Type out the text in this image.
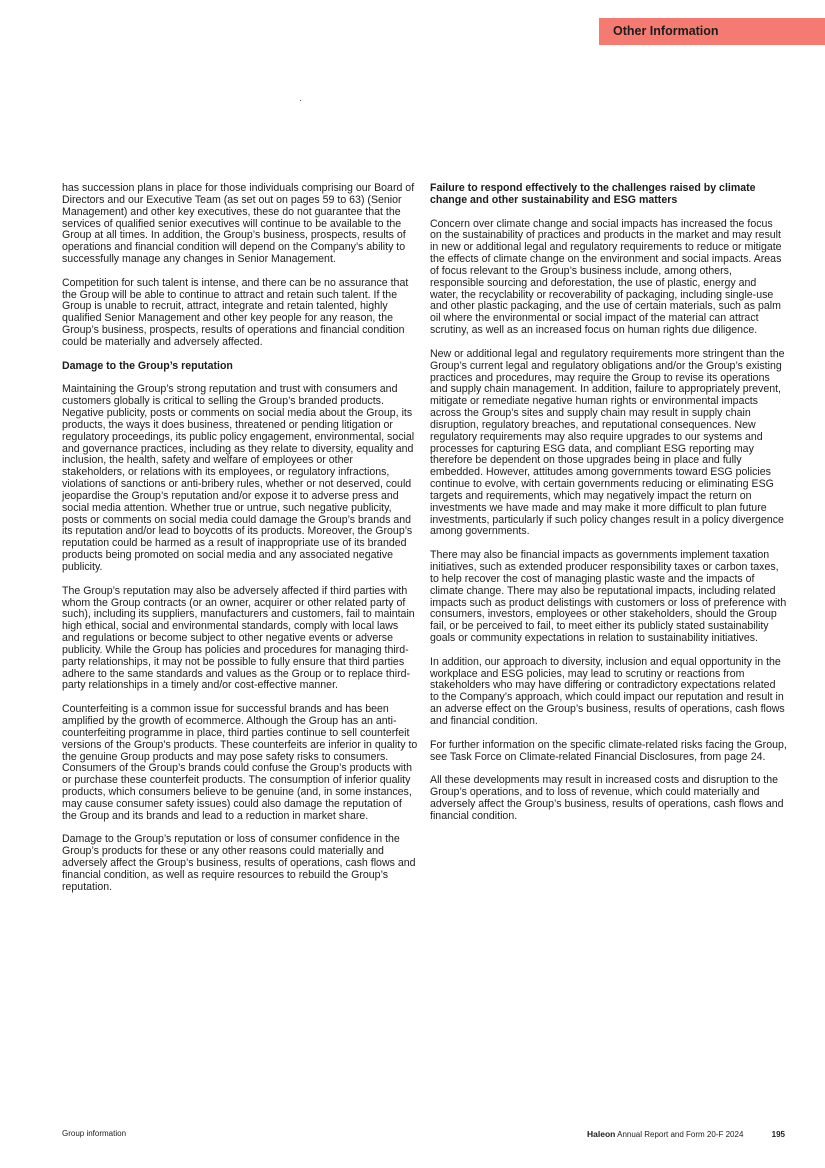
Other Information

has succession plans in place for those individuals comprising our Board of Directors and our Executive Team (as set out on pages 59 to 63) (Senior Management) and other key executives, these do not guarantee that the services of qualified senior executives will continue to be available to the Group at all times. In addition, the Group’s business, prospects, results of operations and financial condition will depend on the Company’s ability to successfully manage any changes in Senior Management.

Competition for such talent is intense, and there can be no assurance that the Group will be able to continue to attract and retain such talent. If the Group is unable to recruit, attract, integrate and retain talented, highly qualified Senior Management and other key people for any reason, the Group’s business, prospects, results of operations and financial condition could be materially and adversely affected.

Damage to the Group’s reputation

Maintaining the Group’s strong reputation and trust with consumers and customers globally is critical to selling the Group’s branded products. Negative publicity, posts or comments on social media about the Group, its products, the ways it does business, threatened or pending litigation or regulatory proceedings, its public policy engagement, environmental, social and governance practices, including as they relate to diversity, equality and inclusion, the health, safety and welfare of employees or other stakeholders, or relations with its employees, or regulatory infractions, violations of sanctions or anti-bribery rules, whether or not deserved, could jeopardise the Group’s reputation and/or expose it to adverse press and social media attention. Whether true or untrue, such negative publicity, posts or comments on social media could damage the Group’s brands and its reputation and/or lead to boycotts of its products. Moreover, the Group’s reputation could be harmed as a result of inappropriate use of its branded products being promoted on social media and any associated negative publicity.

The Group’s reputation may also be adversely affected if third parties with whom the Group contracts (or an owner, acquirer or other related party of such), including its suppliers, manufacturers and customers, fail to maintain high ethical, social and environmental standards, comply with local laws and regulations or become subject to other negative events or adverse publicity. While the Group has policies and procedures for managing third-party relationships, it may not be possible to fully ensure that third parties adhere to the same standards and values as the Group or to replace third-party relationships in a timely and/or cost-effective manner.

Counterfeiting is a common issue for successful brands and has been amplified by the growth of ecommerce. Although the Group has an anti-counterfeiting programme in place, third parties continue to sell counterfeit versions of the Group’s products. These counterfeits are inferior in quality to the genuine Group products and may pose safety risks to consumers. Consumers of the Group’s brands could confuse the Group’s products with or purchase these counterfeit products. The consumption of inferior quality products, which consumers believe to be genuine (and, in some instances, may cause consumer safety issues) could also damage the reputation of the Group and its brands and lead to a reduction in market share.

Damage to the Group’s reputation or loss of consumer confidence in the Group’s products for these or any other reasons could materially and adversely affect the Group’s business, results of operations, cash flows and financial condition, as well as require resources to rebuild the Group’s reputation.

Failure to respond effectively to the challenges raised by climate change and other sustainability and ESG matters

Concern over climate change and social impacts has increased the focus on the sustainability of practices and products in the market and may result in new or additional legal and regulatory requirements to reduce or mitigate the effects of climate change on the environment and social impacts. Areas of focus relevant to the Group’s business include, among others, responsible sourcing and deforestation, the use of plastic, energy and water, the recyclability or recoverability of packaging, including single-use and other plastic packaging, and the use of certain materials, such as palm oil where the environmental or social impact of the material can attract scrutiny, as well as an increased focus on human rights due diligence.

New or additional legal and regulatory requirements more stringent than the Group’s current legal and regulatory obligations and/or the Group’s existing practices and procedures, may require the Group to revise its operations and supply chain management. In addition, failure to appropriately prevent, mitigate or remediate negative human rights or environmental impacts across the Group’s sites and supply chain may result in supply chain disruption, regulatory breaches, and reputational consequences. New regulatory requirements may also require upgrades to our systems and processes for capturing ESG data, and compliant ESG reporting may therefore be dependent on those upgrades being in place and fully embedded. However, attitudes among governments toward ESG policies continue to evolve, with certain governments reducing or eliminating ESG targets and requirements, which may negatively impact the return on investments we have made and may make it more difficult to plan future investments, particularly if such policy changes result in a policy divergence among governments.

There may also be financial impacts as governments implement taxation initiatives, such as extended producer responsibility taxes or carbon taxes, to help recover the cost of managing plastic waste and the impacts of climate change. There may also be reputational impacts, including related impacts such as product delistings with customers or loss of preference with consumers, investors, employees or other stakeholders, should the Group fail, or be perceived to fail, to meet either its publicly stated sustainability goals or community expectations in relation to sustainability initiatives.

In addition, our approach to diversity, inclusion and equal opportunity in the workplace and ESG policies, may lead to scrutiny or reactions from stakeholders who may have differing or contradictory expectations related to the Company’s approach, which could impact our reputation and result in an adverse effect on the Group’s business, results of operations, cash flows and financial condition.

For further information on the specific climate-related risks facing the Group, see Task Force on Climate-related Financial Disclosures, from page 24.

All these developments may result in increased costs and disruption to the Group’s operations, and to loss of revenue, which could materially and adversely affect the Group’s business, results of operations, cash flows and financial condition.

Group information	Haleon Annual Report and Form 20-F 2024	195
